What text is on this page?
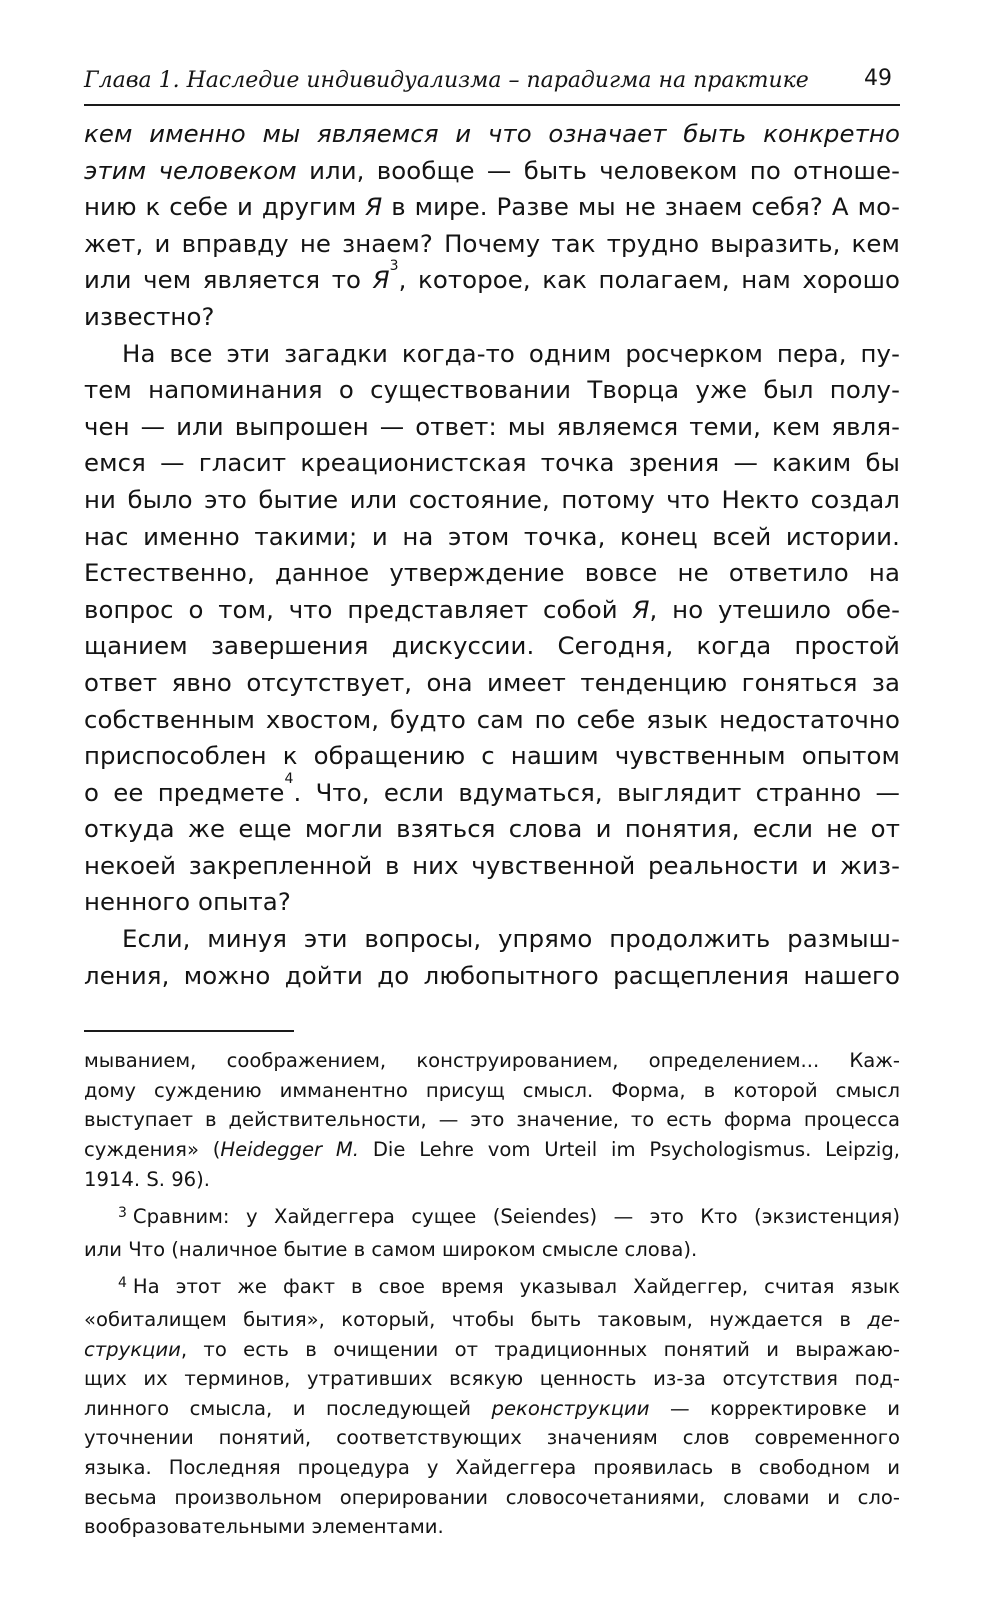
Глава 1. Наследие индивидуализма – парадигма на практике	49
кем именно мы являемся и что означает быть конкретно
этим человеком или, вообще — быть человеком по отноше-
нию к себе и другим Я в мире. Разве мы не знаем себя? А мо-
жет, и вправду не знаем? Почему так трудно выразить, кем
или чем является то $Я^3$, которое, как полагаем, нам хорошо
известно?
На все эти загадки когда-то одним росчерком пера, пу-
тем напоминания о существовании Творца уже был полу-
чен — или выпрошен — ответ: мы являемся теми, кем явля-
емся — гласит креационистская точка зрения — каким бы
ни было это бытие или состояние, потому что Некто создал
нас именно такими; и на этом точка, конец всей истории.
Естественно, данное утверждение вовсе не ответило на
вопрос о том, что представляет собой Я, но утешило обе-
щанием завершения дискуссии. Сегодня, когда простой
ответ явно отсутствует, она имеет тенденцию гоняться за
собственным хвостом, будто сам по себе язык недостаточно
приспособлен к обращению с нашим чувственным опытом
о ее предмете$^4$. Что, если вдуматься, выглядит странно —
откуда же еще могли взяться слова и понятия, если не от
некоей закрепленной в них чувственной реальности и жиз-
ненного опыта?
Если, минуя эти вопросы, упрямо продолжить размыш-
ления, можно дойти до любопытного расщепления нашего
мыванием, соображением, конструированием, определением... Каж-
дому суждению имманентно присущ смысл. Форма, в которой смысл
выступает в действительности, — это значение, то есть форма процесса
суждения» (Heidegger M. Die Lehre vom Urteil im Psychologismus. Leipzig,
1914. S. 96).
$^3$ Сравним: у Хайдеггера сущее (Seiendes) — это Кто (экзистенция)
или Что (наличное бытие в самом широком смысле слова).
$^4$ На этот же факт в свое время указывал Хайдеггер, считая язык
«обиталищем бытия», который, чтобы быть таковым, нуждается в де-
струкции, то есть в очищении от традиционных понятий и выражаю-
щих их терминов, утративших всякую ценность из-за отсутствия под-
линного смысла, и последующей реконструкции — корректировке и
уточнении понятий, соответствующих значениям слов современного
языка. Последняя процедура у Хайдеггера проявилась в свободном и
весьма произвольном оперировании словосочетаниями, словами и сло-
вообразовательными элементами.
